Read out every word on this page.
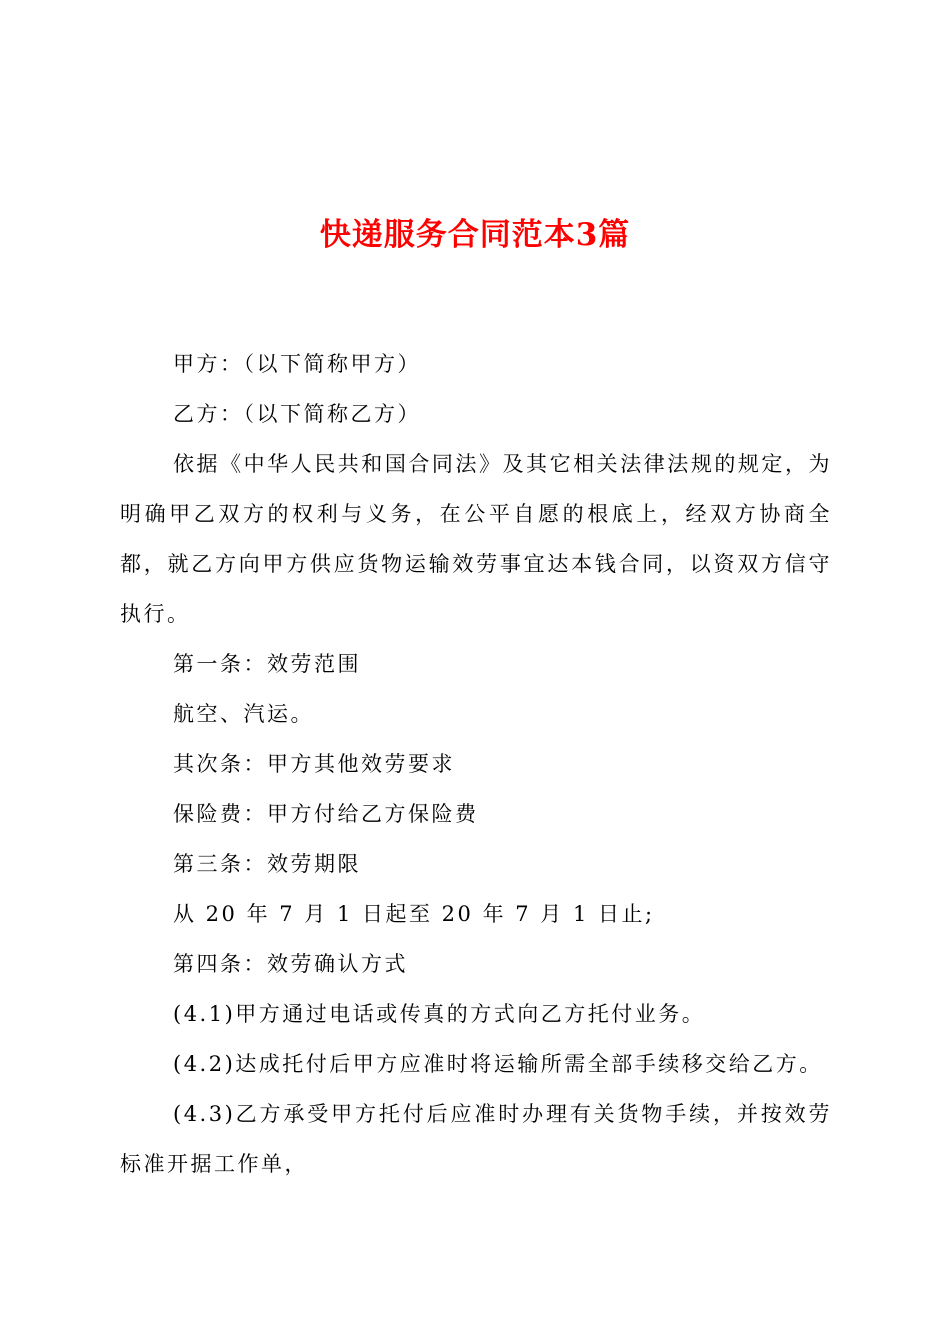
快递服务合同范本3篇

甲方：（以下简称甲方）

乙方：（以下简称乙方）

依据《中华人民共和国合同法》及其它相关法律法规的规定，为明确甲乙双方的权利与义务，在公平自愿的根底上，经双方协商全都，就乙方向甲方供应货物运输效劳事宜达本钱合同，以资双方信守执行。

第一条：效劳范围

航空、汽运。

其次条：甲方其他效劳要求

保险费：甲方付给乙方保险费

第三条：效劳期限

从 20 年 7 月 1 日起至 20 年 7 月 1 日止;

第四条：效劳确认方式

(4.1)甲方通过电话或传真的方式向乙方托付业务。

(4.2)达成托付后甲方应准时将运输所需全部手续移交给乙方。

(4.3)乙方承受甲方托付后应准时办理有关货物手续，并按效劳标准开据工作单，
